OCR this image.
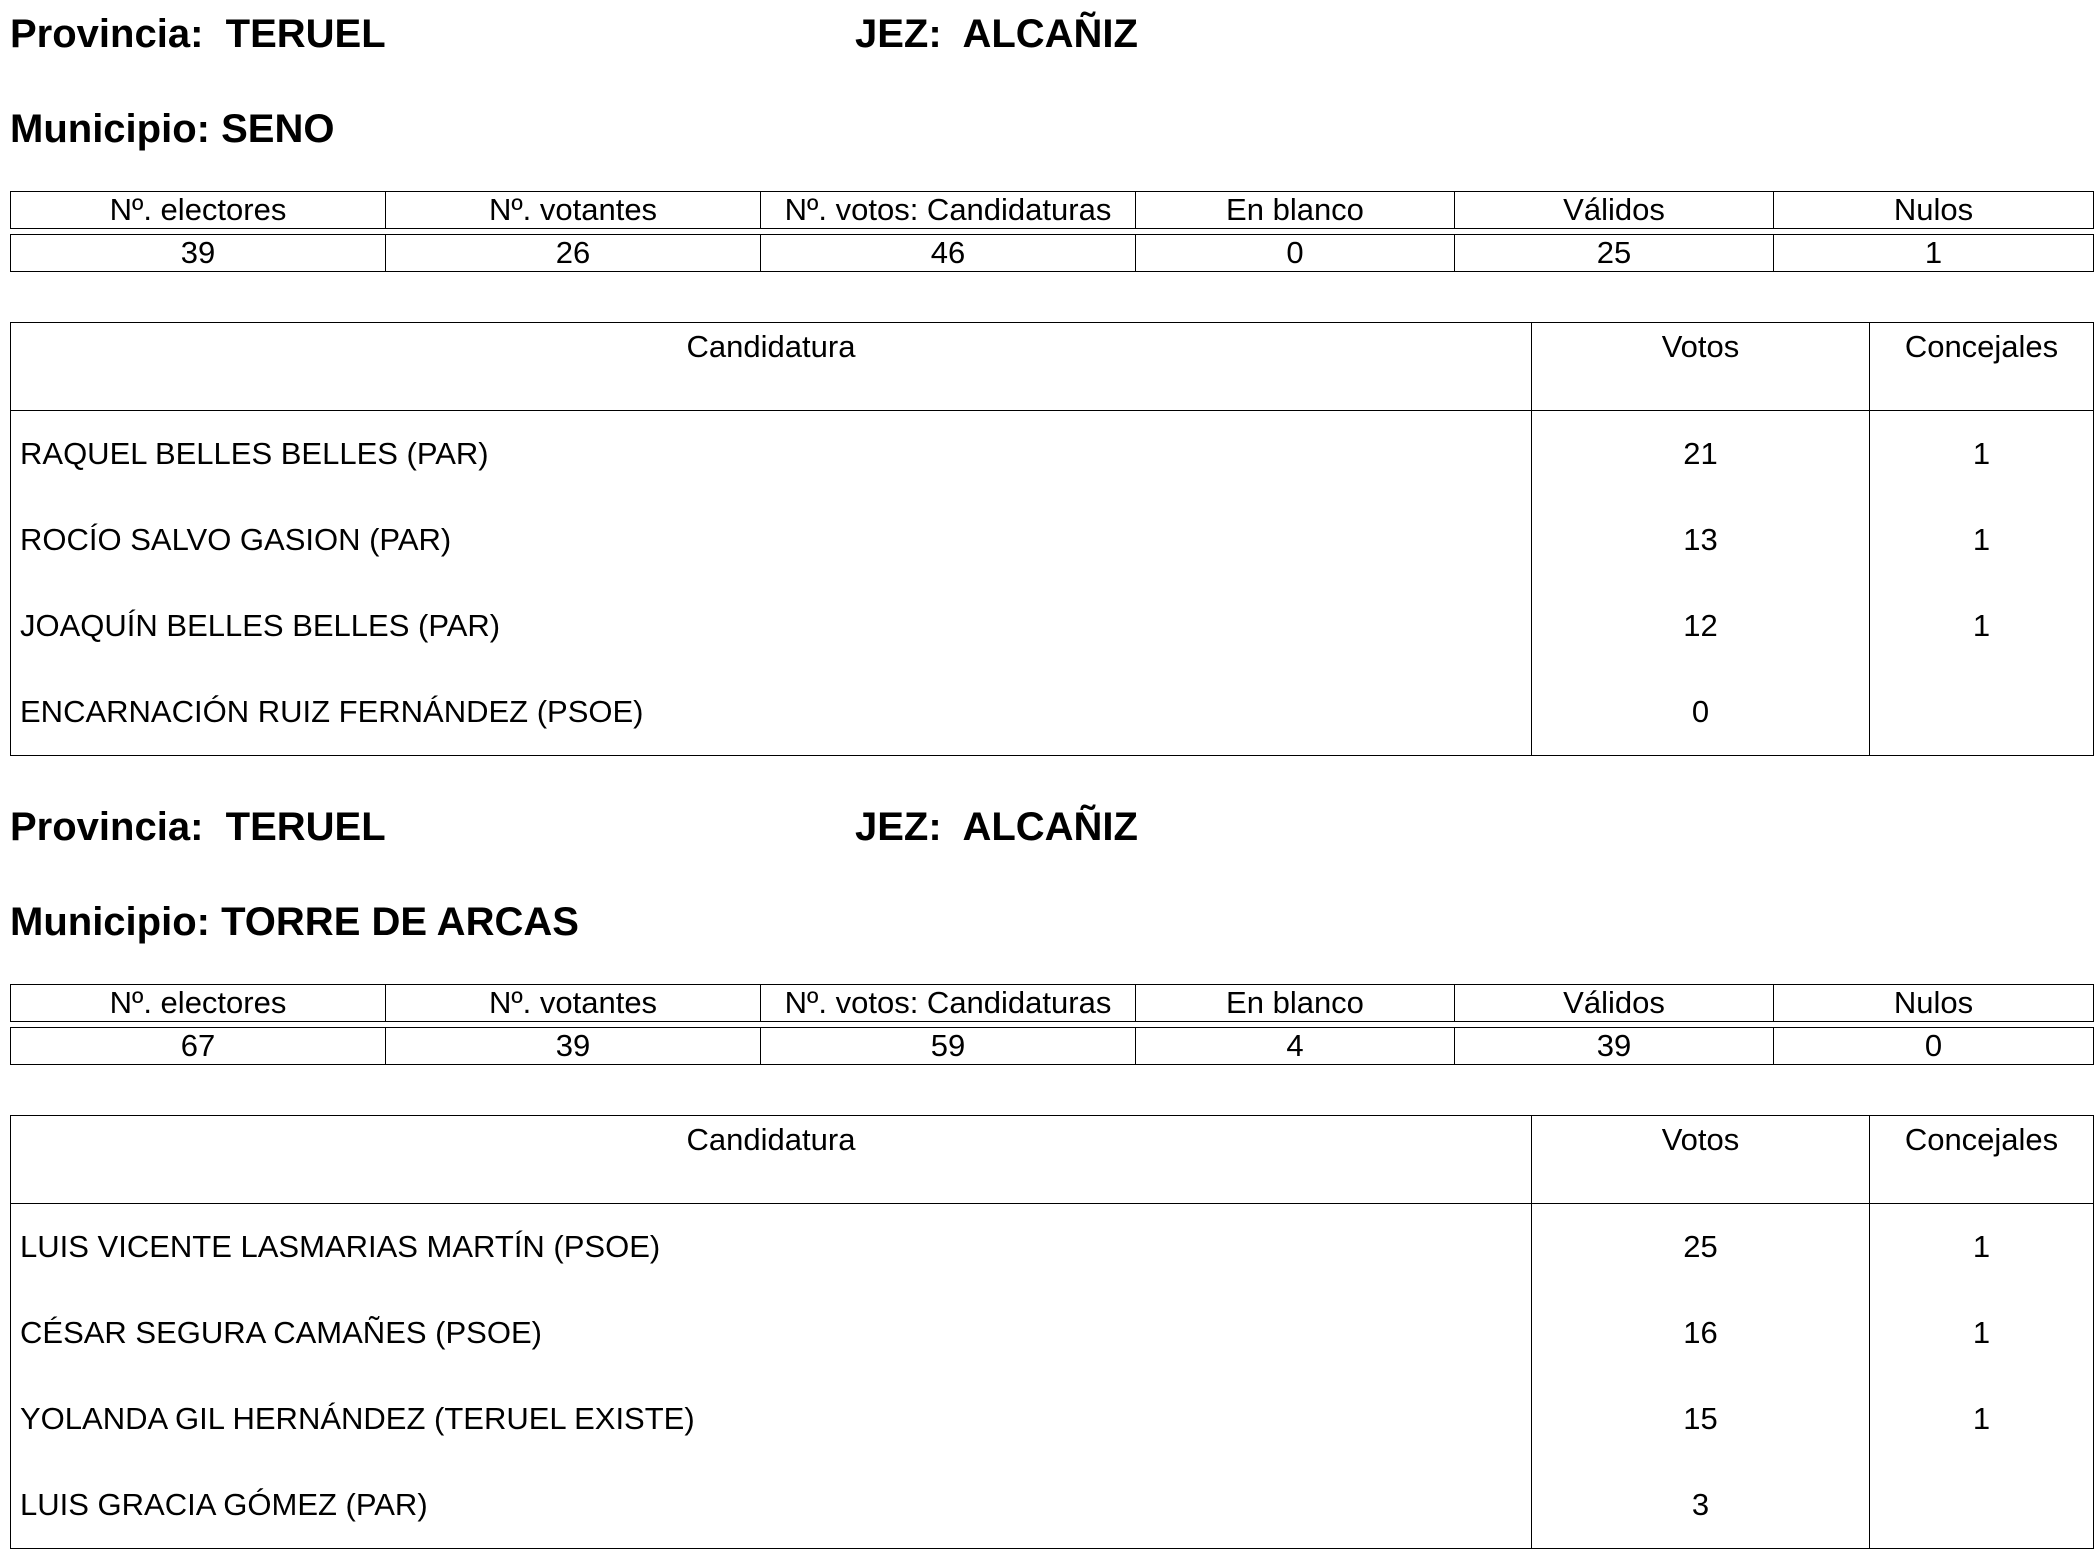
Provincia: TERUEL	JEZ: ALCAÑIZ
Municipio: SENO
Nº. electores	Nº. votantes	Nº. votos: Candidaturas	En blanco	Válidos	Nulos
39	26	46	0	25	1
Candidatura	Votos	Concejales
RAQUEL BELLES BELLES (PAR)	21	1
ROCÍO SALVO GASION (PAR)	13	1
JOAQUÍN BELLES BELLES (PAR)	12	1
ENCARNACIÓN RUIZ FERNÁNDEZ (PSOE)	0	
Provincia: TERUEL	JEZ: ALCAÑIZ
Municipio: TORRE DE ARCAS
Nº. electores	Nº. votantes	Nº. votos: Candidaturas	En blanco	Válidos	Nulos
67	39	59	4	39	0
Candidatura	Votos	Concejales
LUIS VICENTE LASMARIAS MARTÍN (PSOE)	25	1
CÉSAR SEGURA CAMAÑES (PSOE)	16	1
YOLANDA GIL HERNÁNDEZ (TERUEL EXISTE)	15	1
LUIS GRACIA GÓMEZ (PAR)	3	
